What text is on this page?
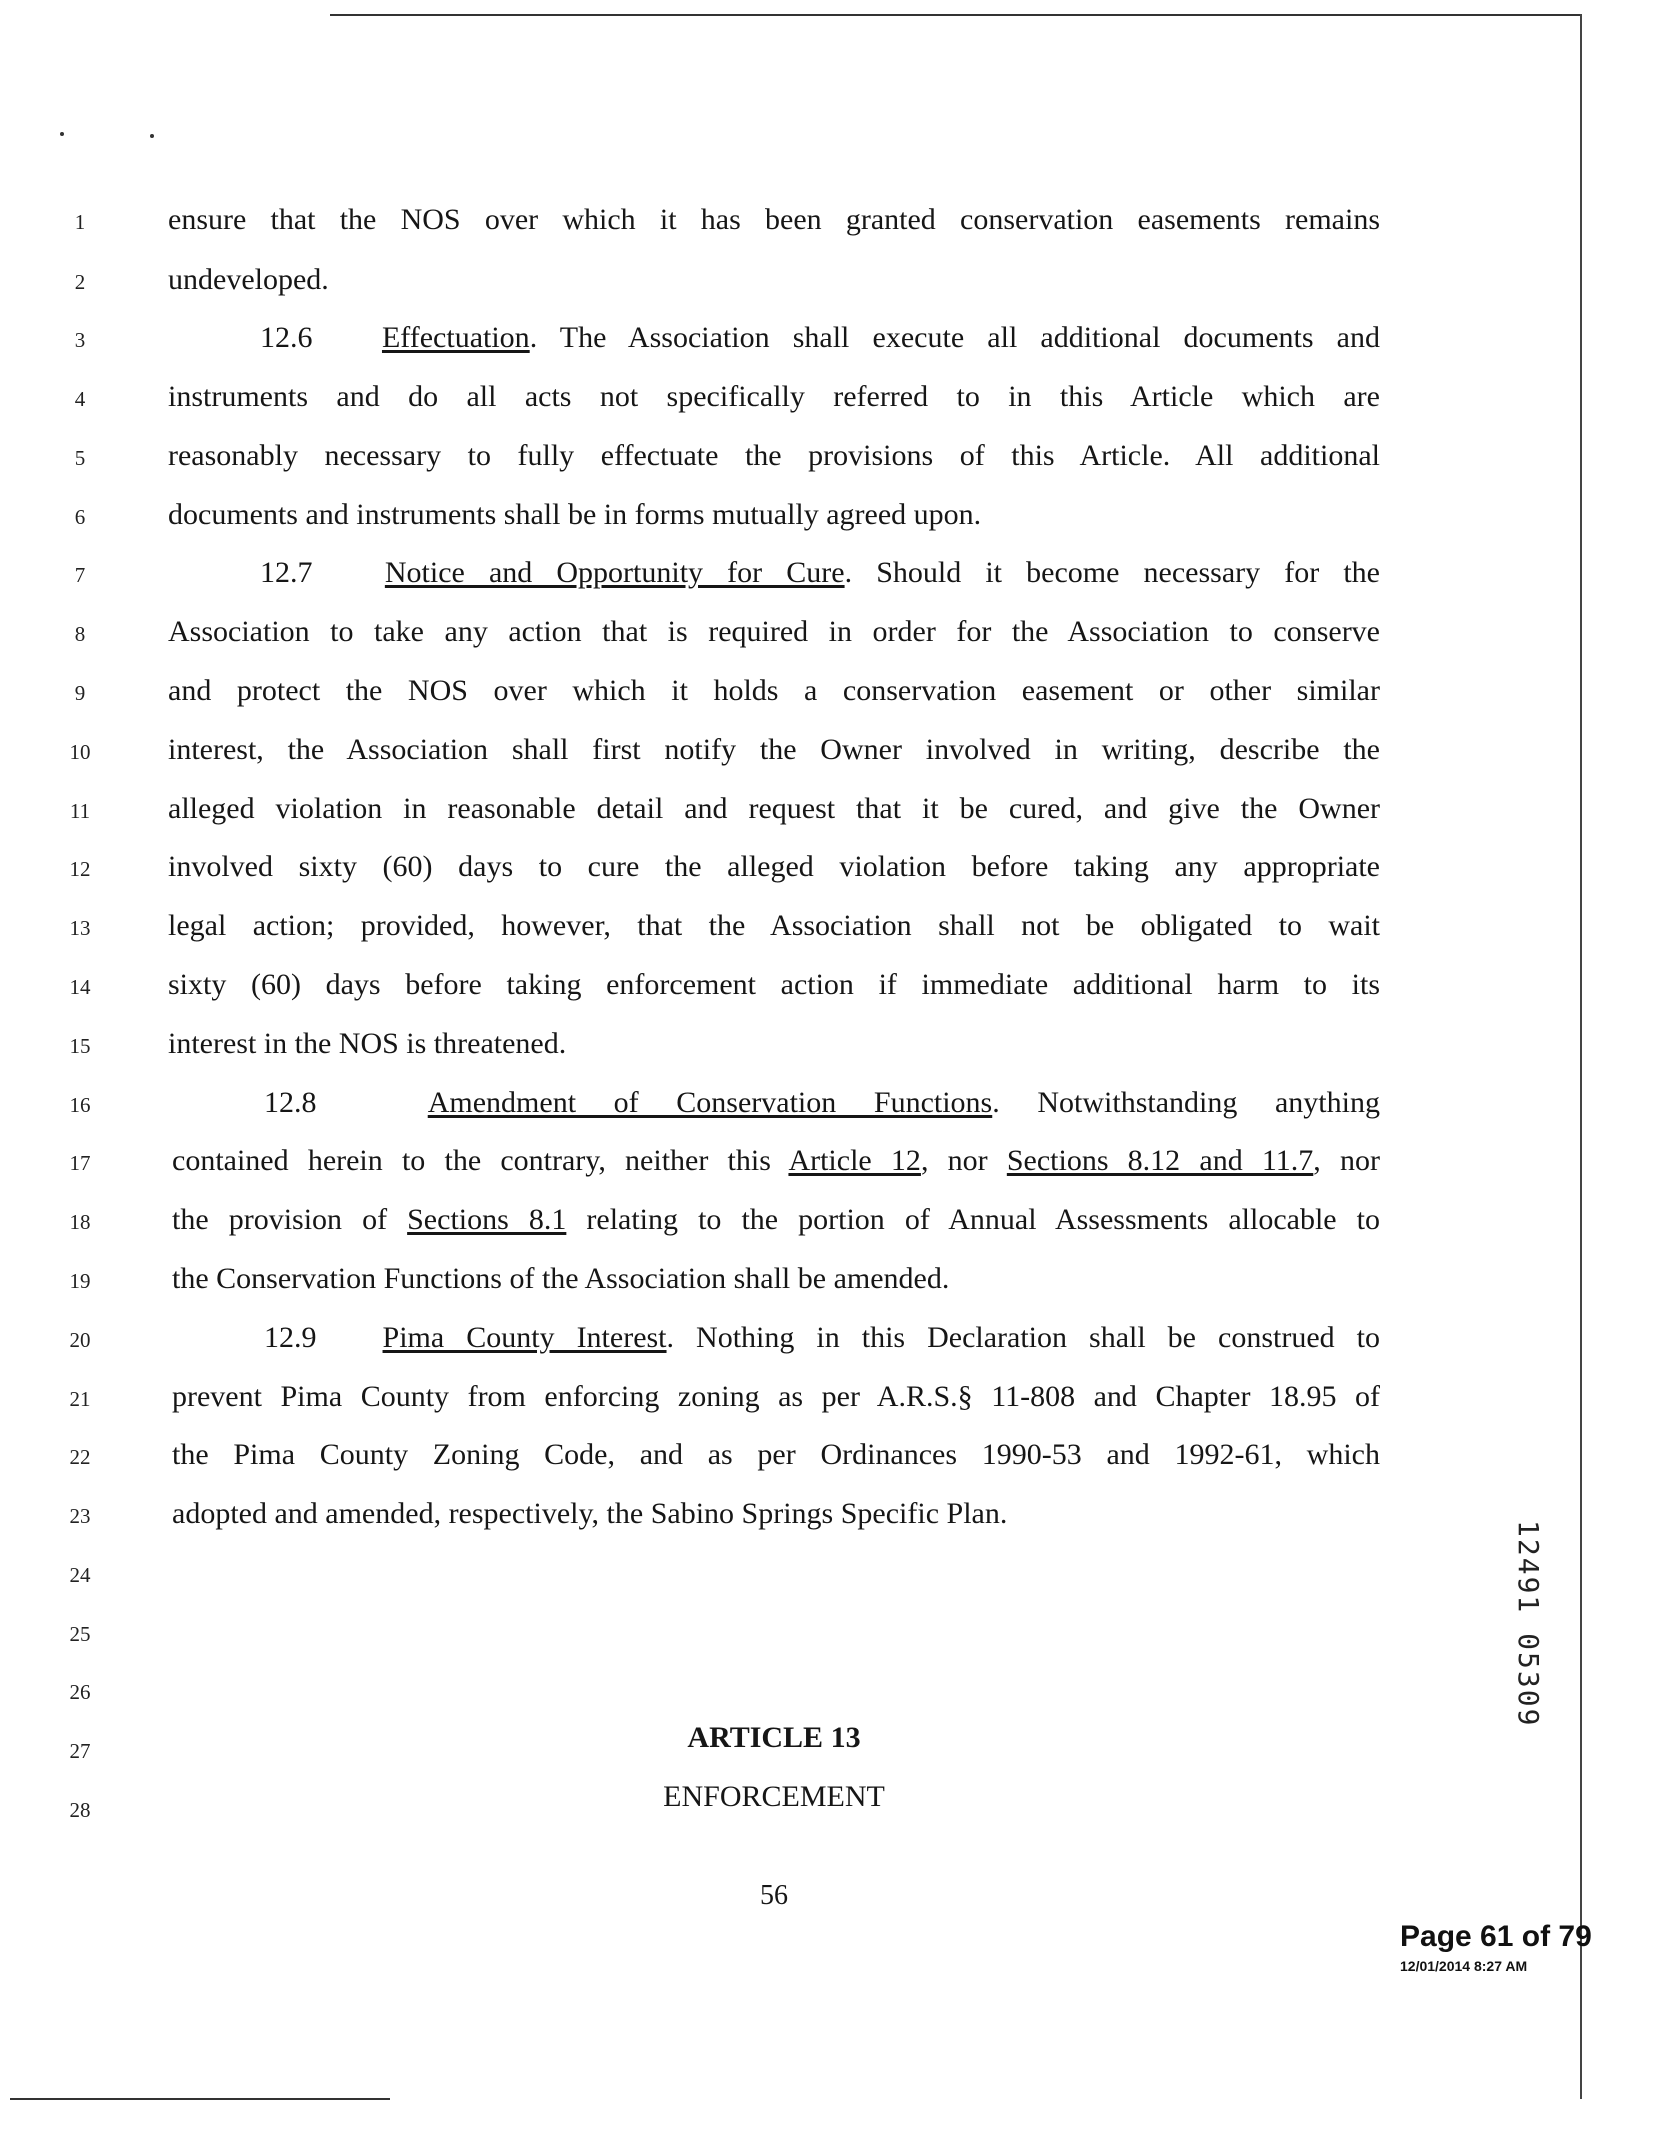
1
2
3
4
5
6
7
8
9
10
11
12
13
14
15
16
17
18
19
20
21
22
23
24
25
26
27
28
ensure that the NOS over which it has been granted conservation easements remains
undeveloped.
12.6 Effectuation. The Association shall execute all additional documents and
instruments and do all acts not specifically referred to in this Article which are
reasonably necessary to fully effectuate the provisions of this Article. All additional
documents and instruments shall be in forms mutually agreed upon.
12.7 Notice and Opportunity for Cure. Should it become necessary for the
Association to take any action that is required in order for the Association to conserve
and protect the NOS over which it holds a conservation easement or other similar
interest, the Association shall first notify the Owner involved in writing, describe the
alleged violation in reasonable detail and request that it be cured, and give the Owner
involved sixty (60) days to cure the alleged violation before taking any appropriate
legal action; provided, however, that the Association shall not be obligated to wait
sixty (60) days before taking enforcement action if immediate additional harm to its
interest in the NOS is threatened.
12.8	Amendment of Conservation Functions. Notwithstanding anything
contained herein to the contrary, neither this Article 12, nor Sections 8.12 and 11.7, nor
the provision of Sections 8.1 relating to the portion of Annual Assessments allocable to
the Conservation Functions of the Association shall be amended.
12.9 Pima County Interest. Nothing in this Declaration shall be construed to
prevent Pima County from enforcing zoning as per A.R.S.§ 11-808 and Chapter 18.95 of
the Pima County Zoning Code, and as per Ordinances 1990-53 and 1992-61, which
adopted and amended, respectively, the Sabino Springs Specific Plan.
ARTICLE 13
ENFORCEMENT
56
12491 05309
Page 61 of 79
12/01/2014 8:27 AM
